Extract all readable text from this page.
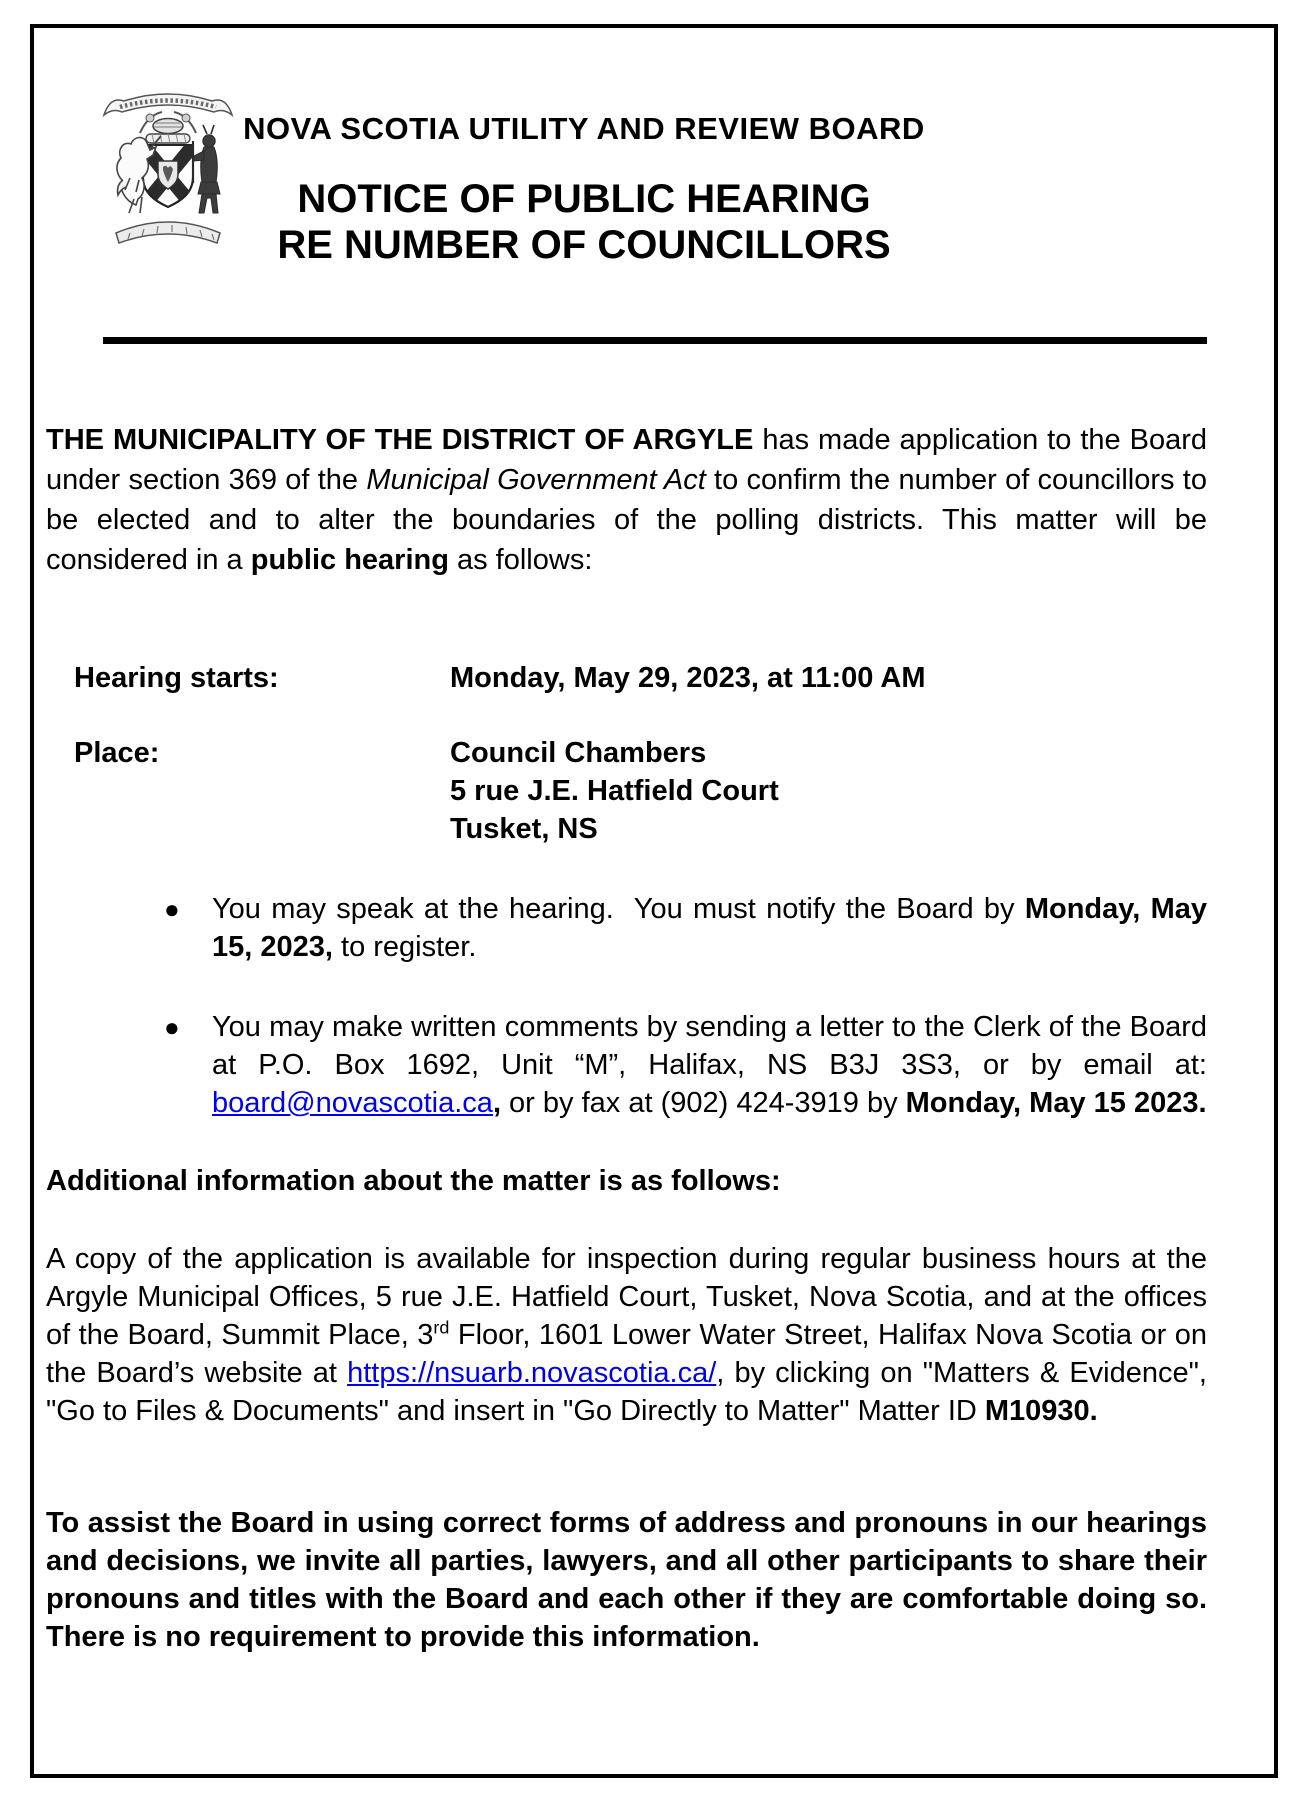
NOVA SCOTIA UTILITY AND REVIEW BOARD
NOTICE OF PUBLIC HEARING
RE NUMBER OF COUNCILLORS

THE MUNICIPALITY OF THE DISTRICT OF ARGYLE has made application to the Board under section 369 of the Municipal Government Act to confirm the number of councillors to be elected and to alter the boundaries of the polling districts. This matter will be considered in a public hearing as follows:

Hearing starts:	Monday, May 29, 2023, at 11:00 AM
Place:	Council Chambers
5 rue J.E. Hatfield Court
Tusket, NS
●	You may speak at the hearing.  You must notify the Board by Monday, May 15, 2023, to register.
●	You may make written comments by sending a letter to the Clerk of the Board at P.O. Box 1692, Unit “M”, Halifax, NS B3J 3S3, or by email at: board@novascotia.ca, or by fax at (902) 424-3919 by Monday, May 15 2023.
Additional information about the matter is as follows:

A copy of the application is available for inspection during regular business hours at the Argyle Municipal Offices, 5 rue J.E. Hatfield Court, Tusket, Nova Scotia, and at the offices of the Board, Summit Place, 3rd Floor, 1601 Lower Water Street, Halifax Nova Scotia or on the Board’s website at https://nsuarb.novascotia.ca/, by clicking on "Matters & Evidence", "Go to Files & Documents" and insert in "Go Directly to Matter" Matter ID M10930.

To assist the Board in using correct forms of address and pronouns in our hearings and decisions, we invite all parties, lawyers, and all other participants to share their pronouns and titles with the Board and each other if they are comfortable doing so. There is no requirement to provide this information.
